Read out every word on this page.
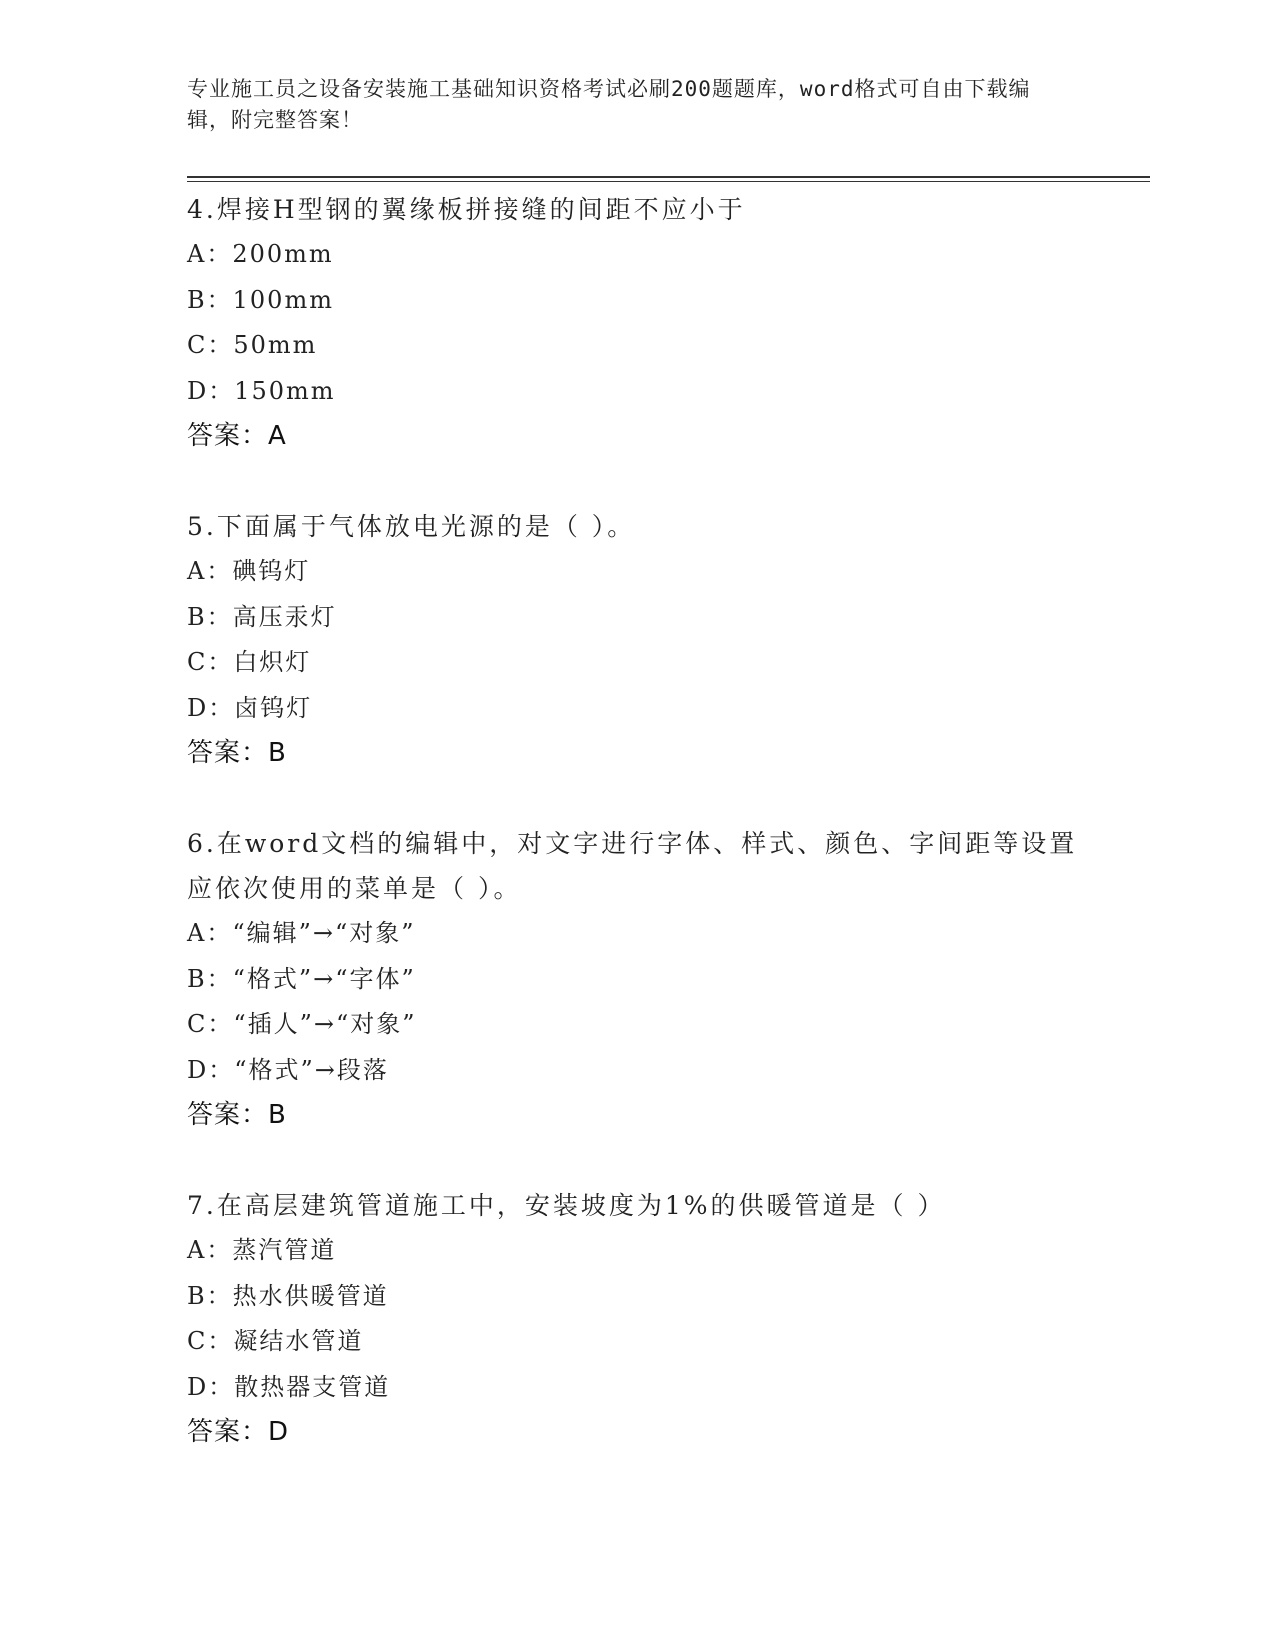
专业施工员之设备安装施工基础知识资格考试必刷200题题库，word格式可自由下载编辑，附完整答案！
4.焊接H型钢的翼缘板拼接缝的间距不应小于
A：200mm
B：100mm
C：50mm
D：150mm
答案：A
5.下面属于气体放电光源的是（ ）。
A：碘钨灯
B：高压汞灯
C：白炽灯
D：卤钨灯
答案：B
6.在word文档的编辑中，对文字进行字体、样式、颜色、字间距等设置应依次使用的菜单是（ ）。
A：“编辑”→“对象”
B：“格式”→“字体”
C：“插人”→“对象”
D：“格式”→段落
答案：B
7.在高层建筑管道施工中，安装坡度为1%的供暖管道是（ ）
A：蒸汽管道
B：热水供暖管道
C：凝结水管道
D：散热器支管道
答案：D
